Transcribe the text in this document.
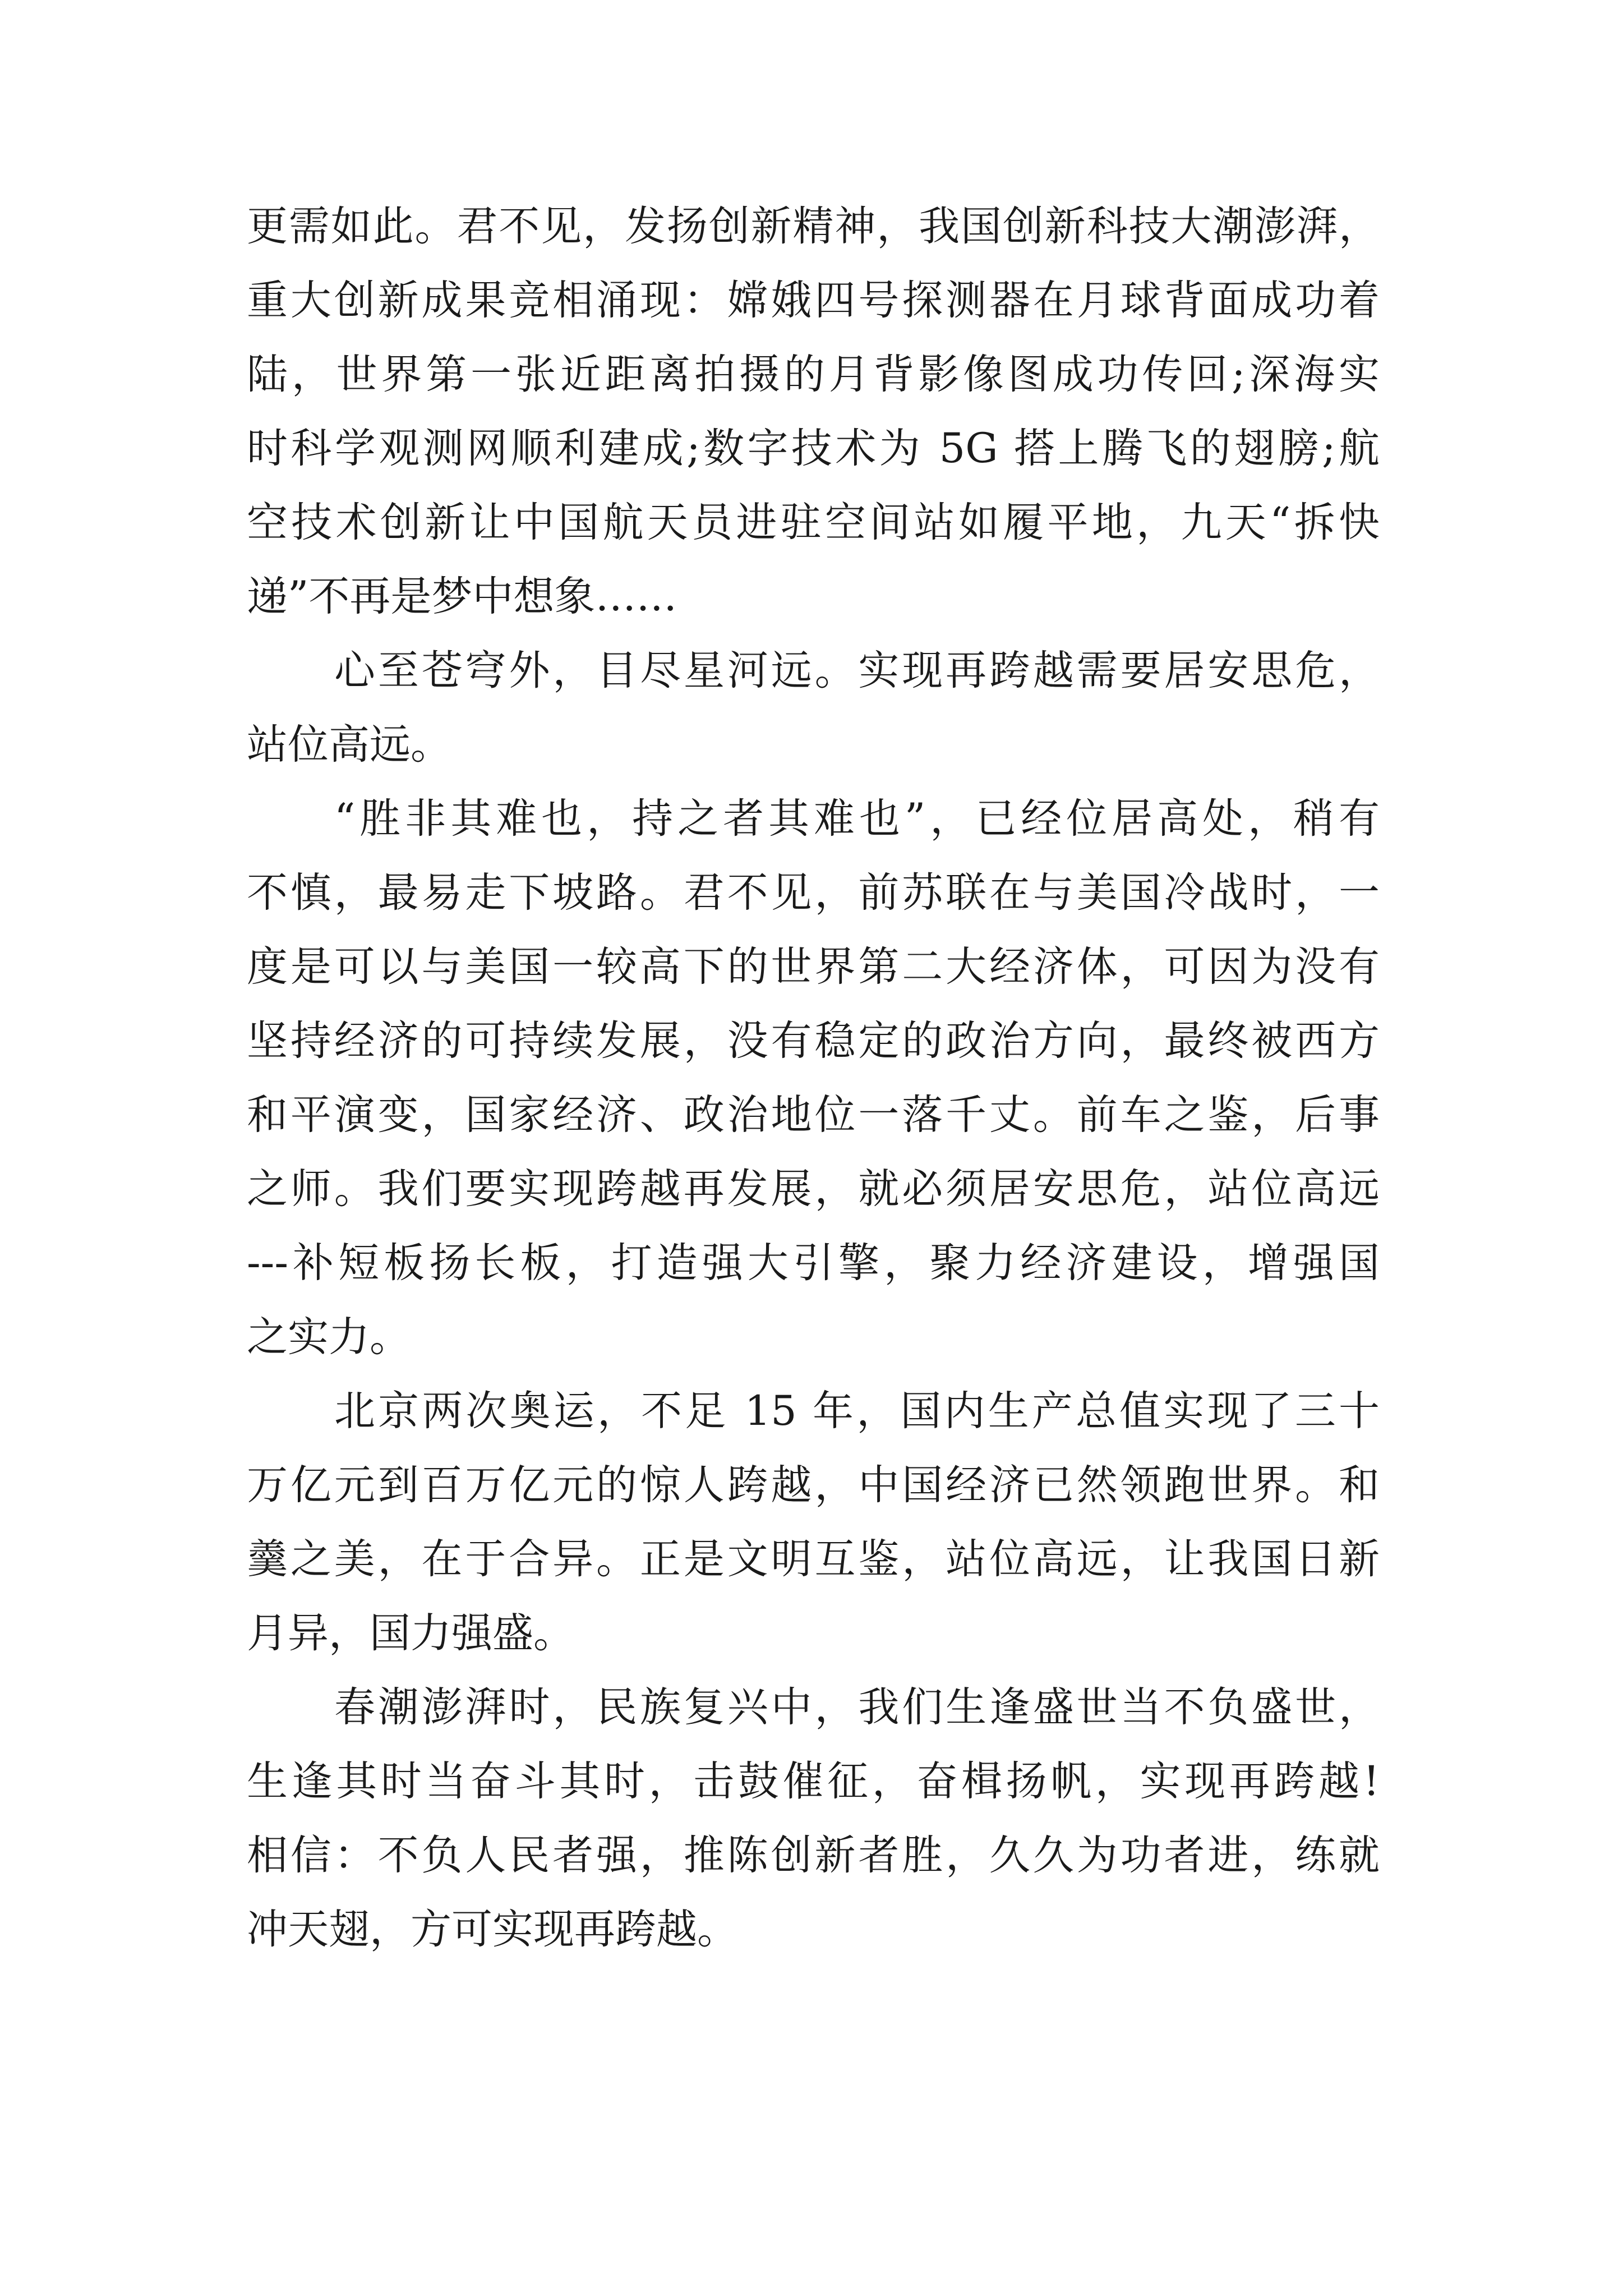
更需如此。君不见，发扬创新精神，我国创新科技大潮澎湃，
重大创新成果竞相涌现：嫦娥四号探测器在月球背面成功着
陆，世界第一张近距离拍摄的月背影像图成功传回;深海实
时科学观测网顺利建成;数字技术为 5G 搭上腾飞的翅膀;航
空技术创新让中国航天员进驻空间站如履平地，九天“拆快
递”不再是梦中想象……
心至苍穹外，目尽星河远。实现再跨越需要居安思危，
站位高远。
“胜非其难也，持之者其难也”，已经位居高处，稍有
不慎，最易走下坡路。君不见，前苏联在与美国冷战时，一
度是可以与美国一较高下的世界第二大经济体，可因为没有
坚持经济的可持续发展，没有稳定的政治方向，最终被西方
和平演变，国家经济、政治地位一落千丈。前车之鉴，后事
之师。我们要实现跨越再发展，就必须居安思危，站位高远
---补短板扬长板，打造强大引擎，聚力经济建设，增强国
之实力。
北京两次奥运，不足 15 年，国内生产总值实现了三十
万亿元到百万亿元的惊人跨越，中国经济已然领跑世界。和
羹之美，在于合异。正是文明互鉴，站位高远，让我国日新
月异，国力强盛。
春潮澎湃时，民族复兴中，我们生逢盛世当不负盛世，
生逢其时当奋斗其时，击鼓催征，奋楫扬帆，实现再跨越!
相信：不负人民者强，推陈创新者胜，久久为功者进，练就
冲天翅，方可实现再跨越。
